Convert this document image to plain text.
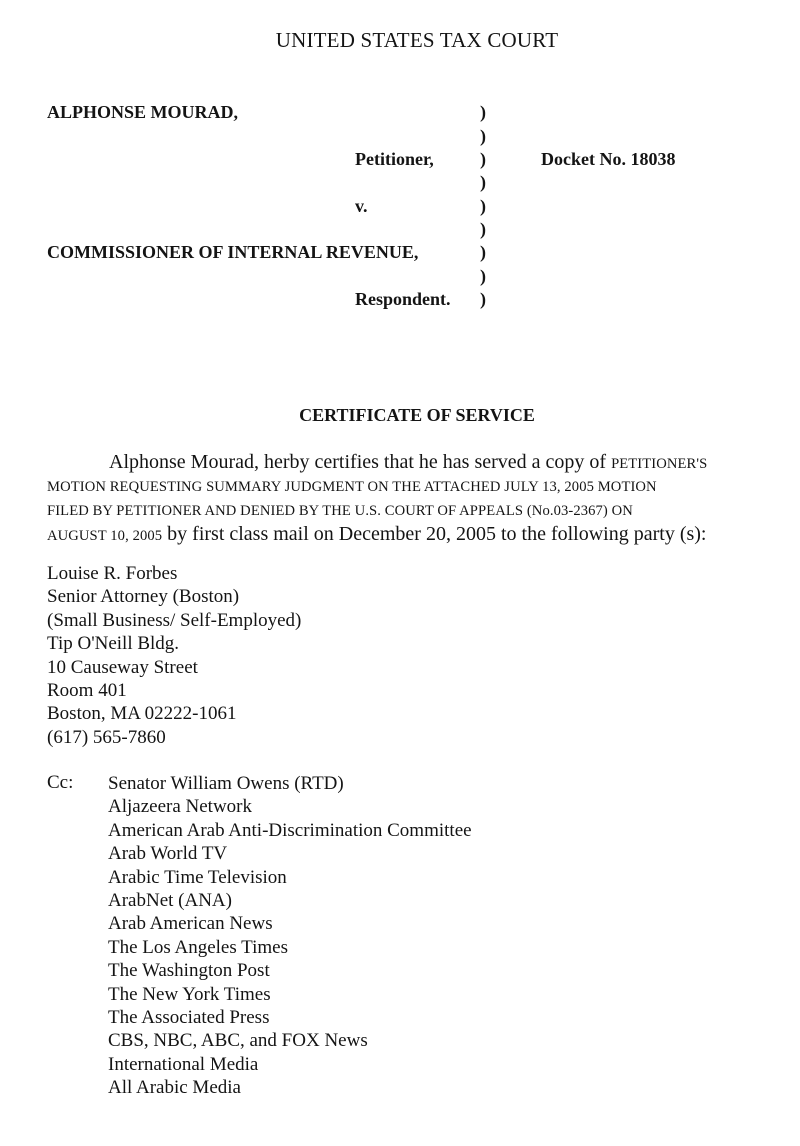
UNITED STATES TAX COURT
ALPHONSE MOURAD,
Petitioner,	Docket No. 18038
v.
COMMISSIONER OF INTERNAL REVENUE,
Respondent.
)
)
)
)
)
)
)
)
)
CERTIFICATE OF SERVICE
Alphonse Mourad, herby certifies that he has served a copy of PETITIONER'S
MOTION REQUESTING SUMMARY JUDGMENT ON THE ATTACHED JULY 13, 2005 MOTION
FILED BY PETITIONER AND DENIED BY THE U.S. COURT OF APPEALS (No.03-2367) ON
AUGUST 10, 2005 by first class mail on December 20, 2005 to the following party (s):
Louise R. Forbes
Senior Attorney (Boston)
(Small Business/ Self-Employed)
Tip O'Neill Bldg.
10 Causeway Street
Room 401
Boston, MA 02222-1061
(617) 565-7860
Cc: Senator William Owens (RTD)
Aljazeera Network
American Arab Anti-Discrimination Committee
Arab World TV
Arabic Time Television
ArabNet (ANA)
Arab American News
The Los Angeles Times
The Washington Post
The New York Times
The Associated Press
CBS, NBC, ABC, and FOX News
International Media
All Arabic Media
